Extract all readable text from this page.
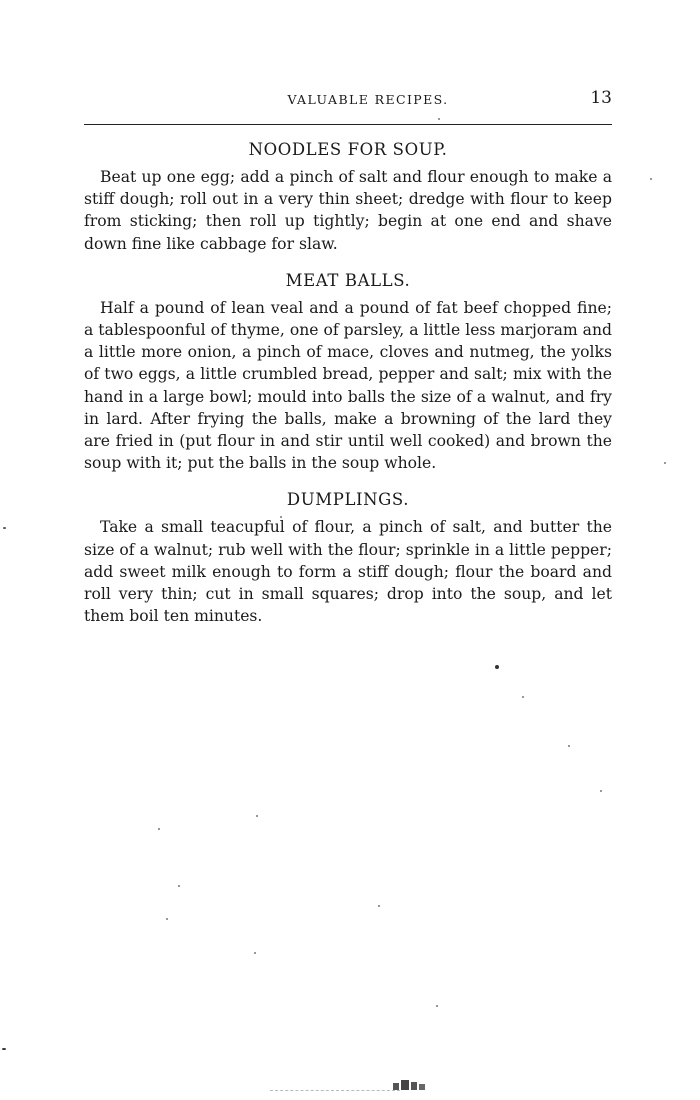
VALUABLE RECIPES.	13
NOODLES FOR SOUP.

Beat up one egg; add a pinch of salt and flour enough to make a stiff dough; roll out in a very thin sheet; dredge with flour to keep from sticking; then roll up tightly; begin at one end and shave down fine like cabbage for slaw.

MEAT BALLS.

Half a pound of lean veal and a pound of fat beef chopped fine; a tablespoonful of thyme, one of parsley, a little less marjoram and a little more onion, a pinch of mace, cloves and nutmeg, the yolks of two eggs, a little crumbled bread, pepper and salt; mix with the hand in a large bowl; mould into balls the size of a walnut, and fry in lard. After frying the balls, make a browning of the lard they are fried in (put flour in and stir until well cooked) and brown the soup with it; put the balls in the soup whole.

DUMPLINGS.

Take a small teacupful of flour, a pinch of salt, and butter the size of a walnut; rub well with the flour; sprinkle in a little pepper; add sweet milk enough to form a stiff dough; flour the board and roll very thin; cut in small squares; drop into the soup, and let them boil ten minutes.
